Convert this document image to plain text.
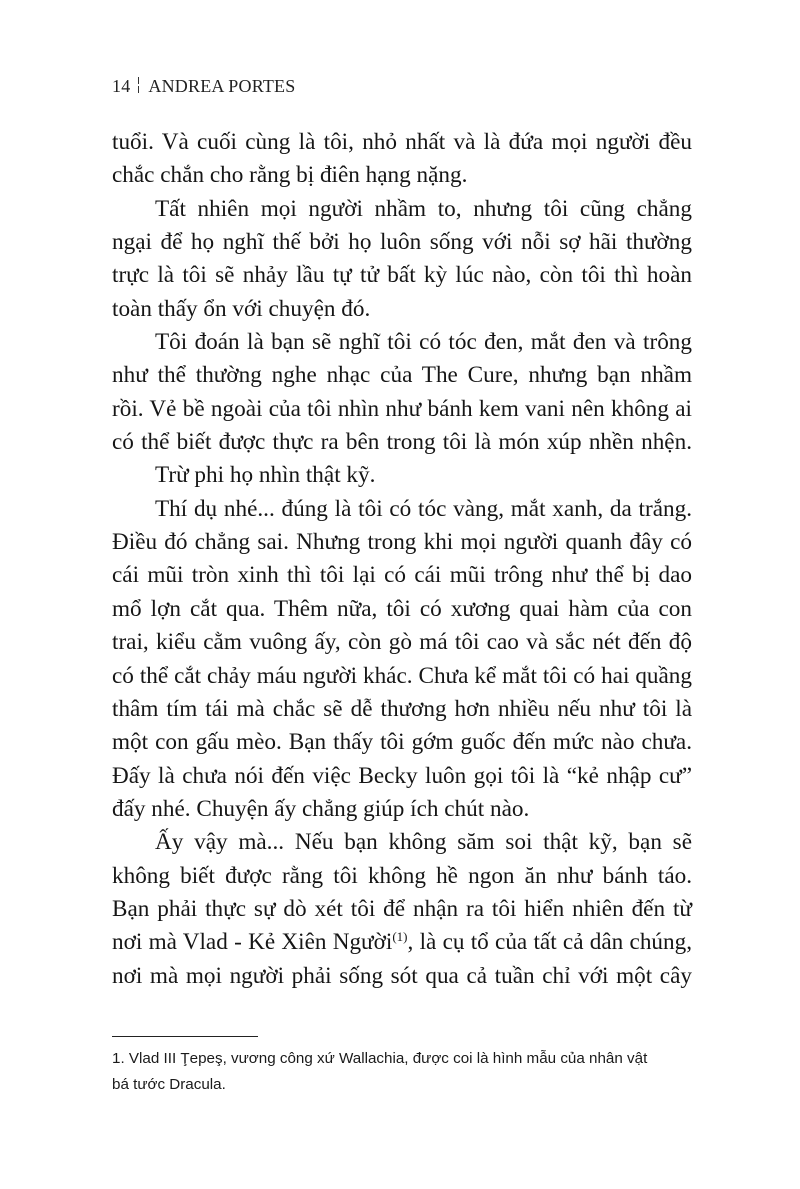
14 ANDREA PORTES
tuổi. Và cuối cùng là tôi, nhỏ nhất và là đứa mọi người đều
chắc chắn cho rằng bị điên hạng nặng.
Tất nhiên mọi người nhầm to, nhưng tôi cũng chẳng
ngại để họ nghĩ thế bởi họ luôn sống với nỗi sợ hãi thường
trực là tôi sẽ nhảy lầu tự tử bất kỳ lúc nào, còn tôi thì hoàn
toàn thấy ổn với chuyện đó.
Tôi đoán là bạn sẽ nghĩ tôi có tóc đen, mắt đen và trông
như thể thường nghe nhạc của The Cure, nhưng bạn nhầm
rồi. Vẻ bề ngoài của tôi nhìn như bánh kem vani nên không ai
có thể biết được thực ra bên trong tôi là món xúp nhền nhện.
Trừ phi họ nhìn thật kỹ.
Thí dụ nhé... đúng là tôi có tóc vàng, mắt xanh, da trắng.
Điều đó chẳng sai. Nhưng trong khi mọi người quanh đây có
cái mũi tròn xinh thì tôi lại có cái mũi trông như thể bị dao
mổ lợn cắt qua. Thêm nữa, tôi có xương quai hàm của con
trai, kiểu cằm vuông ấy, còn gò má tôi cao và sắc nét đến độ
có thể cắt chảy máu người khác. Chưa kể mắt tôi có hai quầng
thâm tím tái mà chắc sẽ dễ thương hơn nhiều nếu như tôi là
một con gấu mèo. Bạn thấy tôi gớm guốc đến mức nào chưa.
Đấy là chưa nói đến việc Becky luôn gọi tôi là “kẻ nhập cư”
đấy nhé. Chuyện ấy chẳng giúp ích chút nào.
Ấy vậy mà... Nếu bạn không săm soi thật kỹ, bạn sẽ
không biết được rằng tôi không hề ngon ăn như bánh táo.
Bạn phải thực sự dò xét tôi để nhận ra tôi hiển nhiên đến từ
nơi mà Vlad - Kẻ Xiên Người$^{(1)}$, là cụ tổ của tất cả dân chúng,
nơi mà mọi người phải sống sót qua cả tuần chỉ với một cây
1. Vlad III Ţepeş, vương công xứ Wallachia, được coi là hình mẫu của nhân vật
bá tước Dracula.
